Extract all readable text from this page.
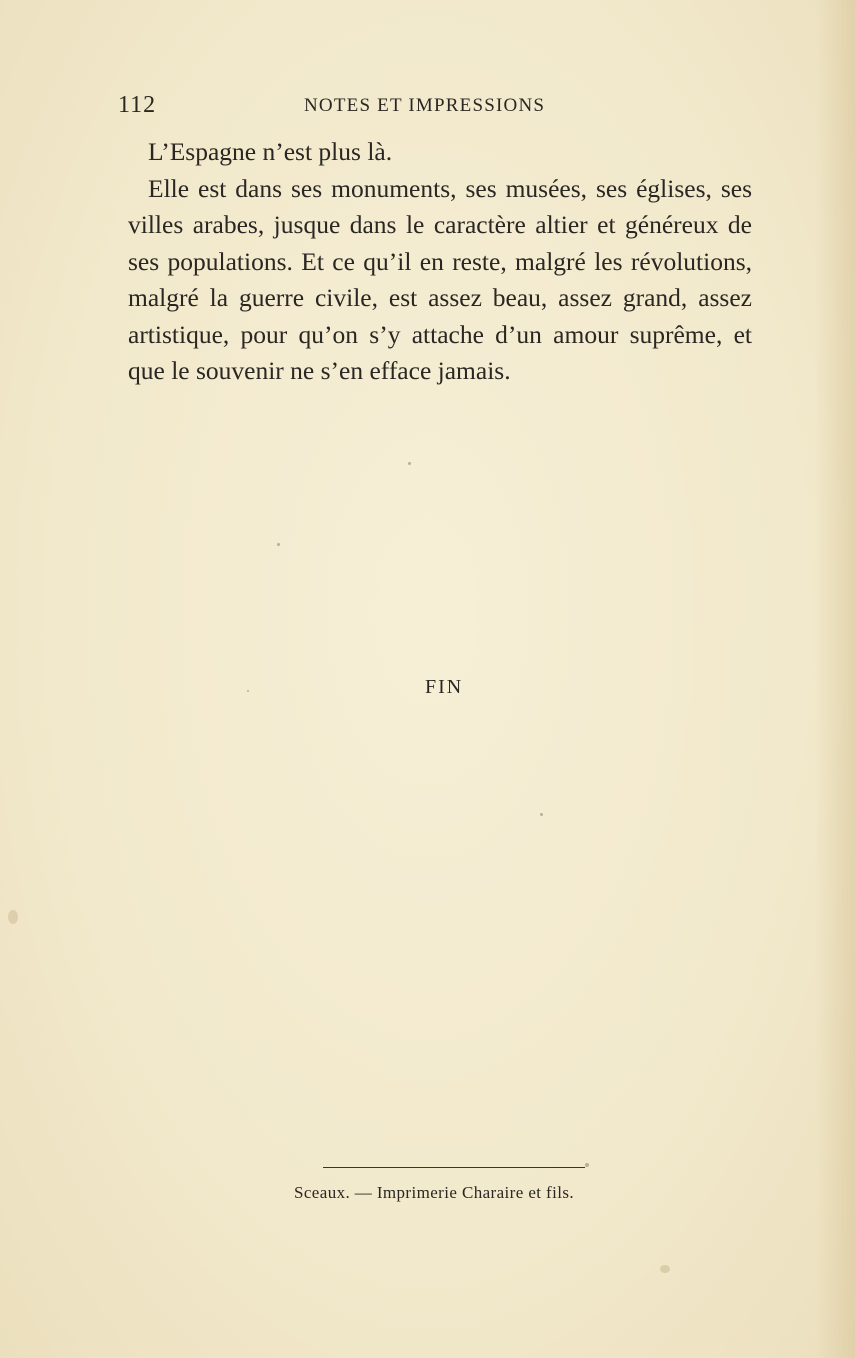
112	NOTES ET IMPRESSIONS

L’Espagne n’est plus là.

Elle est dans ses monuments, ses musées, ses églises, ses villes arabes, jusque dans le caractère altier et généreux de ses populations. Et ce qu’il en reste, malgré les révolutions, malgré la guerre civile, est assez beau, assez grand, assez artistique, pour qu’on s’y attache d’un amour suprême, et que le souvenir ne s’en efface jamais.

FIN
Sceaux. — Imprimerie Charaire et fils.
